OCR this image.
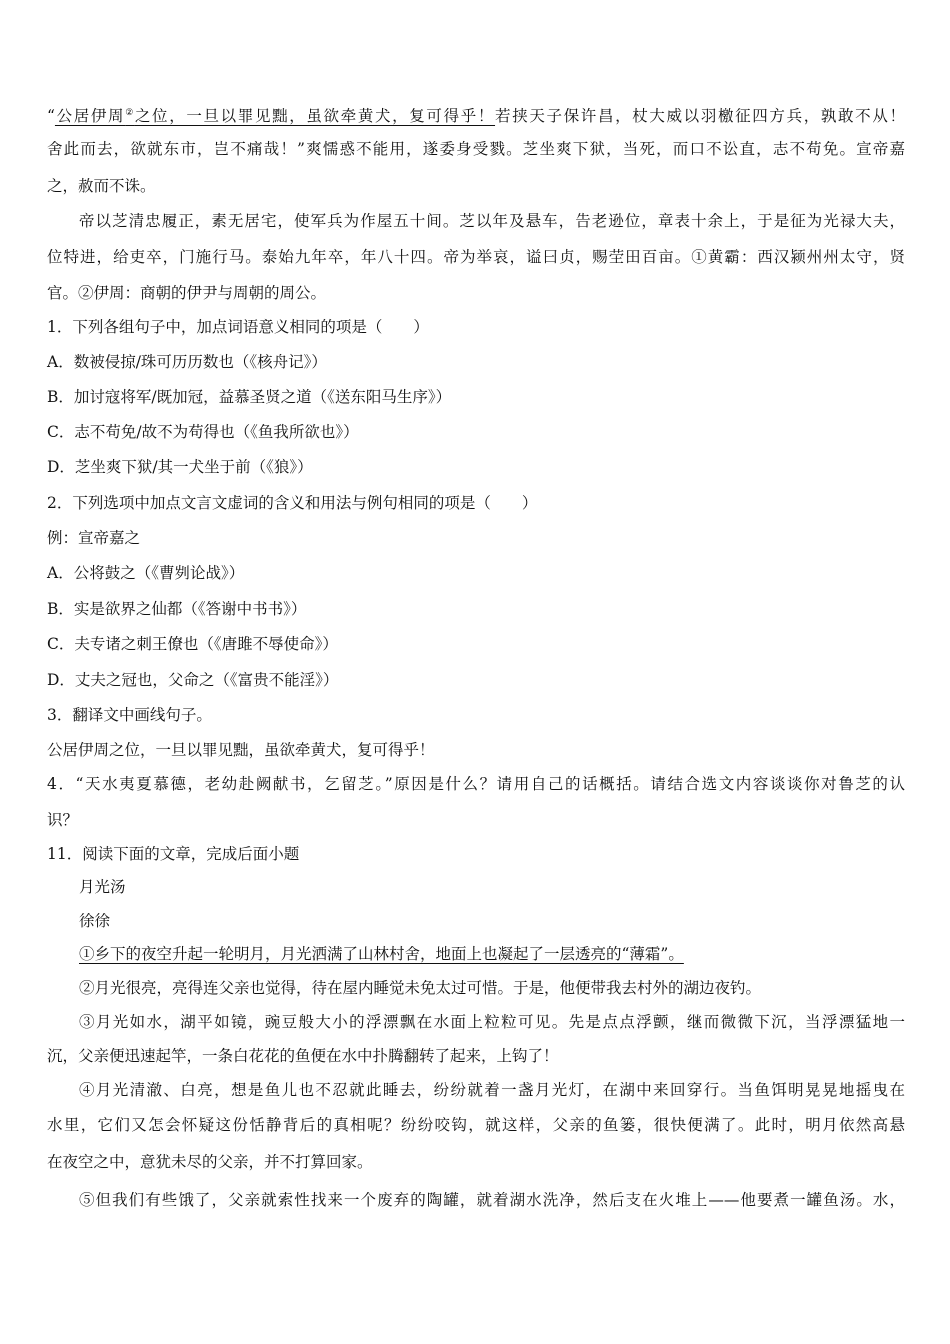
“公居伊周②之位，一旦以罪见黜，虽欲牵黄犬，复可得乎！若挟天子保许昌，杖大威以羽檄征四方兵，孰敢不从！
舍此而去，欲就东市，岂不痛哉！”爽懦惑不能用，遂委身受戮。芝坐爽下狱，当死，而口不讼直，志不苟免。宣帝嘉
之，赦而不诛。
帝以芝清忠履正，素无居宅，使军兵为作屋五十间。芝以年及悬车，告老逊位，章表十余上，于是征为光禄大夫，
位特进，给吏卒，门施行马。泰始九年卒，年八十四。帝为举哀，谥曰贞，赐茔田百亩。①黄霸：西汉颍州州太守，贤
官。②伊周：商朝的伊尹与周朝的周公。
1．下列各组句子中，加点词语意义相同的项是（　　）
A．数被侵掠/珠可历历数也（《核舟记》）
B．加讨寇将军/既加冠，益慕圣贤之道（《送东阳马生序》）
C．志不苟免/故不为苟得也（《鱼我所欲也》）
D．芝坐爽下狱/其一犬坐于前（《狼》）
2．下列选项中加点文言文虚词的含义和用法与例句相同的项是（　　）
例：宣帝嘉之
A．公将鼓之（《曹刿论战》）
B．实是欲界之仙都（《答谢中书书》）
C．夫专诸之刺王僚也（《唐雎不辱使命》）
D．丈夫之冠也，父命之（《富贵不能淫》）
3．翻译文中画线句子。
公居伊周之位，一旦以罪见黜，虽欲牵黄犬，复可得乎！
4．“天水夷夏慕德，老幼赴阙献书，乞留芝。”原因是什么？请用自己的话概括。请结合选文内容谈谈你对鲁芝的认
识？
11．阅读下面的文章，完成后面小题
月光汤
徐徐
①乡下的夜空升起一轮明月，月光洒满了山林村舍，地面上也凝起了一层透亮的“薄霜”。
②月光很亮，亮得连父亲也觉得，待在屋内睡觉未免太过可惜。于是，他便带我去村外的湖边夜钓。
③月光如水，湖平如镜，豌豆般大小的浮漂飘在水面上粒粒可见。先是点点浮颤，继而微微下沉，当浮漂猛地一
沉，父亲便迅速起竿，一条白花花的鱼便在水中扑腾翻转了起来，上钩了！
④月光清澈、白亮，想是鱼儿也不忍就此睡去，纷纷就着一盏月光灯，在湖中来回穿行。当鱼饵明晃晃地摇曳在
水里，它们又怎会怀疑这份恬静背后的真相呢？纷纷咬钩，就这样，父亲的鱼篓，很快便满了。此时，明月依然高悬
在夜空之中，意犹未尽的父亲，并不打算回家。
⑤但我们有些饿了，父亲就索性找来一个废弃的陶罐，就着湖水洗净，然后支在火堆上——他要煮一罐鱼汤。水，
